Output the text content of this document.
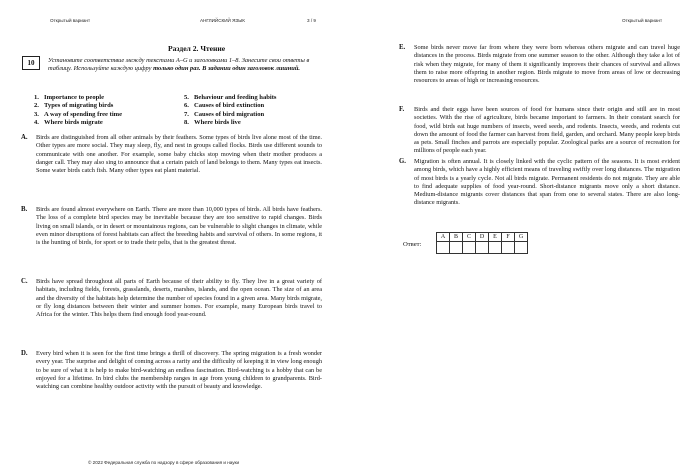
Открытый вариант	АНГЛИЙСКИЙ ЯЗЫК	3 / 9	Открытый вариант
Раздел 2. Чтение
10	Установите соответствие между текстами A–G и заголовками 1–8. Занесите свои ответы в таблицу. Используйте каждую цифру только один раз. В задании один заголовок лишний.
1. Importance to people
2. Types of migrating birds
3. A way of spending free time
4. Where birds migrate
5. Behaviour and feeding habits
6. Causes of bird extinction
7. Causes of bird migration
8. Where birds live
A. Birds are distinguished from all other animals by their feathers. Some types of birds live alone most of the time. Other types are more social. They may sleep, fly, and nest in groups called flocks. Birds use different sounds to communicate with one another. For example, some baby chicks stop moving when their mother produces a danger call. They may also sing to announce that a certain patch of land belongs to them. Many types eat insects. Some water birds catch fish. Many other types eat plant material.
B. Birds are found almost everywhere on Earth. There are more than 10,000 types of birds. All birds have feathers. The loss of a complete bird species may be inevitable because they are too sensitive to rapid changes. Birds living on small islands, or in desert or mountainous regions, can be vulnerable to slight changes in climate, while even minor disruptions of forest habitats can affect the breeding habits and survival of others. In some regions, it is the hunting of birds, for sport or to trade their pelts, that is the greatest threat.
C. Birds have spread throughout all parts of Earth because of their ability to fly. They live in a great variety of habitats, including fields, forests, grasslands, deserts, marshes, islands, and the open ocean. The size of an area and the diversity of the habitats help determine the number of species found in a given area. Many birds migrate, or fly long distances between their winter and summer homes. For example, many European birds travel to Africa for the winter. This helps them find enough food year-round.
D. Every bird when it is seen for the first time brings a thrill of discovery. The spring migration is a fresh wonder every year. The surprise and delight of coming across a rarity and the difficulty of keeping it in view long enough to be sure of what it is help to make bird-watching an endless fascination. Bird-watching is a hobby that can be enjoyed for a lifetime. In bird clubs the membership ranges in age from young children to grandparents. Bird-watching can combine healthy outdoor activity with the pursuit of beauty and knowledge.
E. Some birds never move far from where they were born whereas others migrate and can travel huge distances in the process. Birds migrate from one summer season to the other. Although they take a lot of risk when they migrate, for many of them it significantly improves their chances of survival and allows them to raise more offspring in another region. Birds migrate to move from areas of low or decreasing resources to areas of high or increasing resources.
F. Birds and their eggs have been sources of food for humans since their origin and still are in most societies. With the rise of agriculture, birds became important to farmers. In their constant search for food, wild birds eat huge numbers of insects, weed seeds, and rodents. Insects, weeds, and rodents cut down the amount of food the farmer can harvest from field, garden, and orchard. Many people keep birds as pets. Small finches and parrots are especially popular. Zoological parks are a source of recreation for millions of people each year.
G. Migration is often annual. It is closely linked with the cyclic pattern of the seasons. It is most evident among birds, which have a highly efficient means of traveling swiftly over long distances. The migration of most birds is a yearly cycle. Not all birds migrate. Permanent residents do not migrate. They are able to find adequate supplies of food year-round. Short-distance migrants move only a short distance. Medium-distance migrants cover distances that span from one to several states. There are also long-distance migrants.
Ответ:
A	B	C	D	E	F	G

© 2022 Федеральная служба по надзору в сфере образования и науки
